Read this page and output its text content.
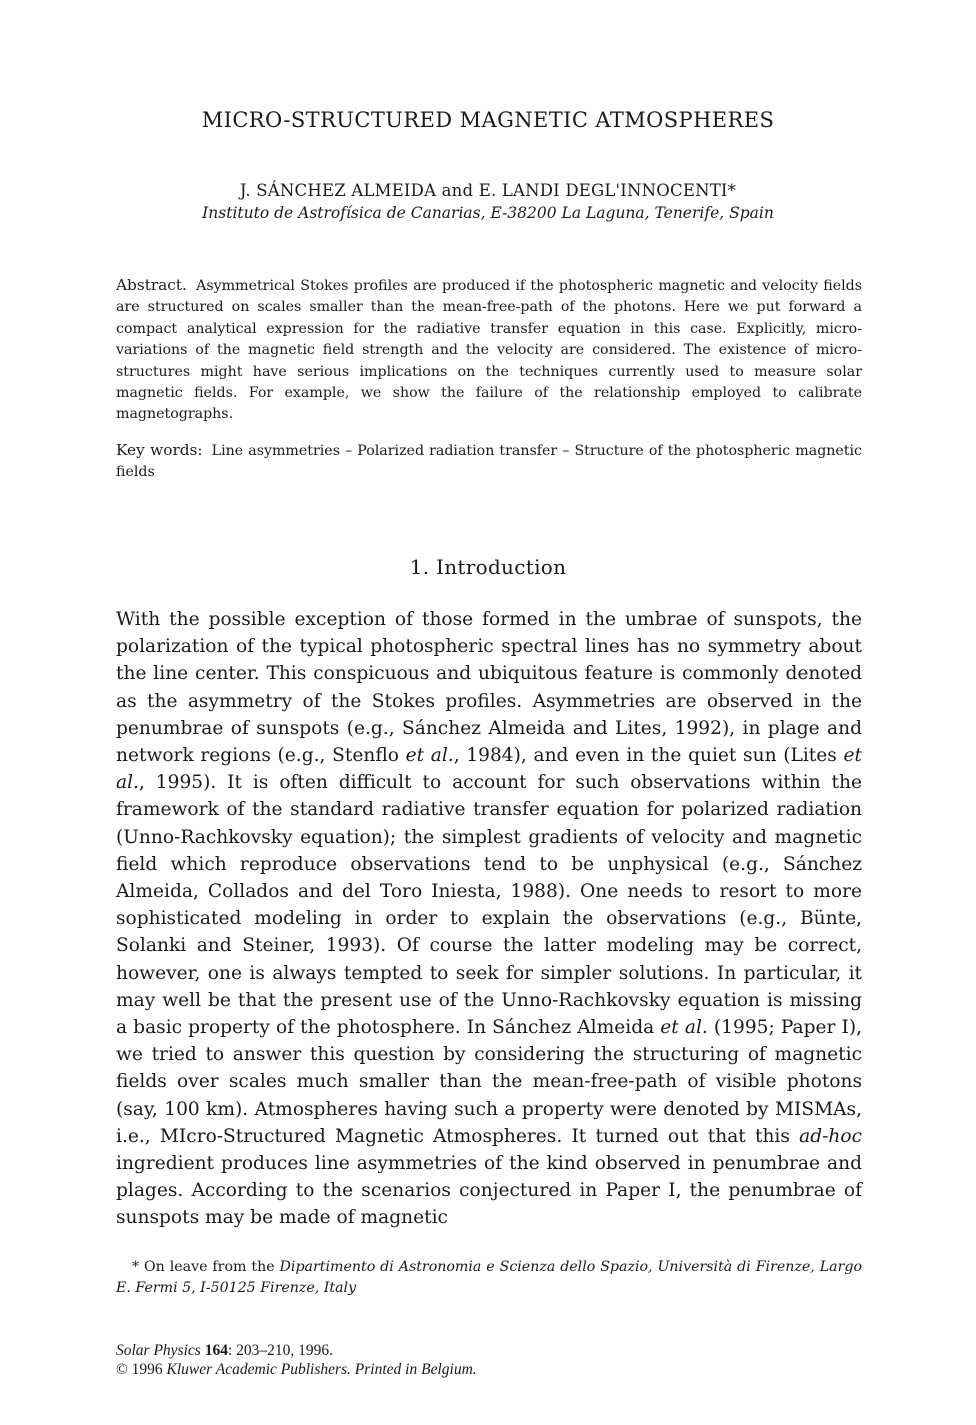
MICRO-STRUCTURED MAGNETIC ATMOSPHERES
J. SÁNCHEZ ALMEIDA and E. LANDI DEGL'INNOCENTI*
Instituto de Astrofísica de Canarias, E-38200 La Laguna, Tenerife, Spain
Abstract. Asymmetrical Stokes profiles are produced if the photospheric magnetic and velocity fields are structured on scales smaller than the mean-free-path of the photons. Here we put forward a compact analytical expression for the radiative transfer equation in this case. Explicitly, micro-variations of the magnetic field strength and the velocity are considered. The existence of micro-structures might have serious implications on the techniques currently used to measure solar magnetic fields. For example, we show the failure of the relationship employed to calibrate magnetographs.
Key words: Line asymmetries – Polarized radiation transfer – Structure of the photospheric magnetic fields
1. Introduction

With the possible exception of those formed in the umbrae of sunspots, the polarization of the typical photospheric spectral lines has no symmetry about the line center. This conspicuous and ubiquitous feature is commonly denoted as the asymmetry of the Stokes profiles. Asymmetries are observed in the penumbrae of sunspots (e.g., Sánchez Almeida and Lites, 1992), in plage and network regions (e.g., Stenflo et al., 1984), and even in the quiet sun (Lites et al., 1995). It is often difficult to account for such observations within the framework of the standard radiative transfer equation for polarized radiation (Unno-Rachkovsky equation); the simplest gradients of velocity and magnetic field which reproduce observations tend to be unphysical (e.g., Sánchez Almeida, Collados and del Toro Iniesta, 1988). One needs to resort to more sophisticated modeling in order to explain the observations (e.g., Bünte, Solanki and Steiner, 1993). Of course the latter modeling may be correct, however, one is always tempted to seek for simpler solutions. In particular, it may well be that the present use of the Unno-Rachkovsky equation is missing a basic property of the photosphere. In Sánchez Almeida et al. (1995; Paper I), we tried to answer this question by considering the structuring of magnetic fields over scales much smaller than the mean-free-path of visible photons (say, 100 km). Atmospheres having such a property were denoted by MISMAs, i.e., MIcro-Structured Magnetic Atmospheres. It turned out that this ad-hoc ingredient produces line asymmetries of the kind observed in penumbrae and plages. According to the scenarios conjectured in Paper I, the penumbrae of sunspots may be made of magnetic

* On leave from the Dipartimento di Astronomia e Scienza dello Spazio, Università di Firenze, Largo E. Fermi 5, I-50125 Firenze, Italy
Solar Physics 164: 203–210, 1996.
© 1996 Kluwer Academic Publishers. Printed in Belgium.
